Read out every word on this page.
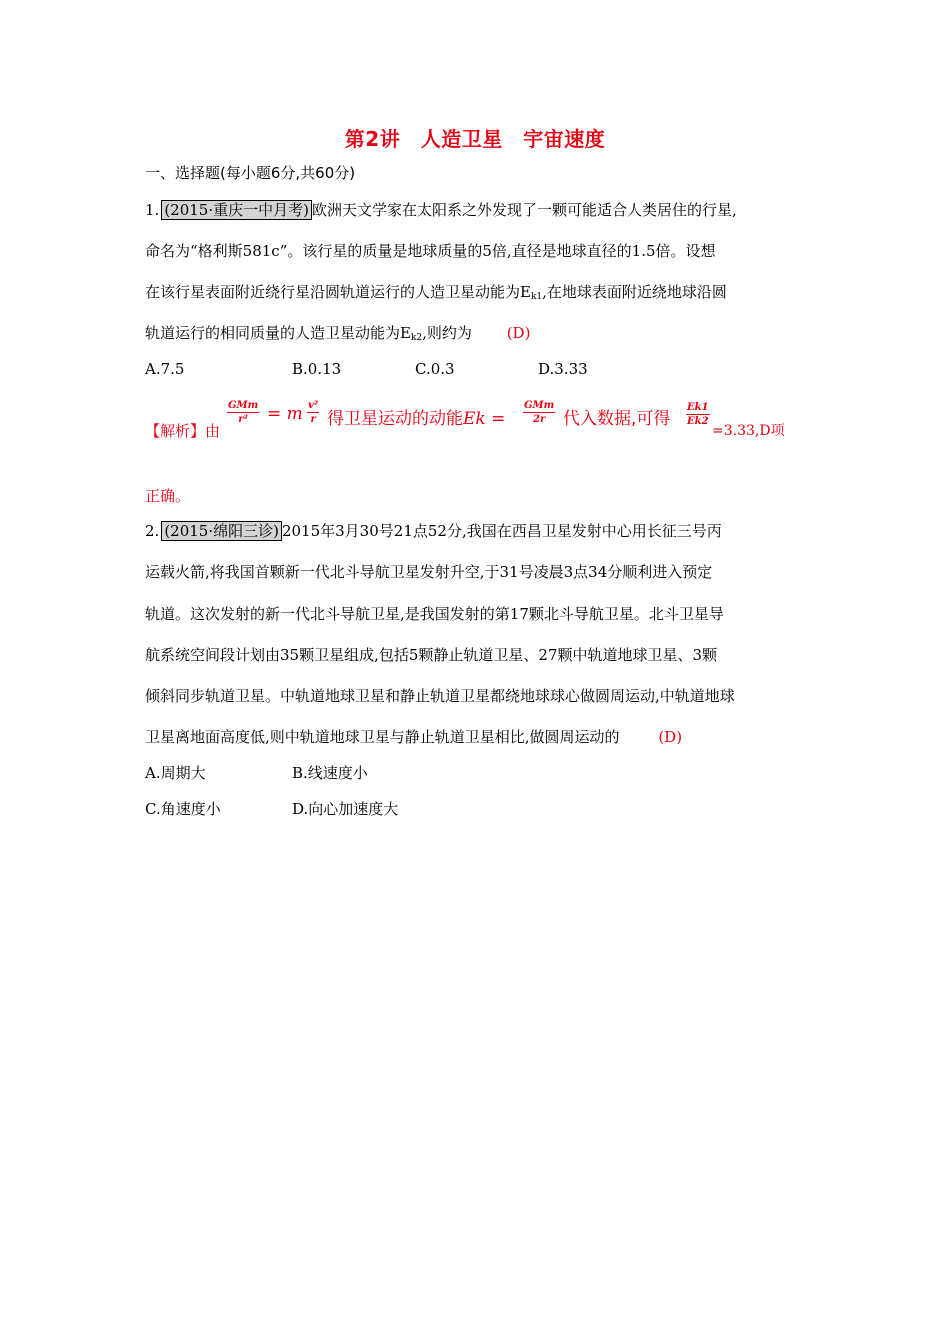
第2讲　人造卫星　宇宙速度
一、选择题(每小题6分,共60分)
1. (2015·重庆一中月考) 欧洲天文学家在太阳系之外发现了一颗可能适合人类居住的行星,
命名为“格利斯581c”。该行星的质量是地球质量的5倍,直径是地球直径的1.5倍。设想
在该行星表面附近绕行星沿圆轨道运行的人造卫星动能为$E_{k1}$,在地球表面附近绕地球沿圆
轨道运行的相同质量的人造卫星动能为$E_{k2}$,则约为 (D)
A.7.5	B.0.13	C.0.3	D.3.33
【解析】由
GMm
r² = m v²
r 得卫星运动的动能Ek =
GMm
2r 代入数据,可得
Ek1
Ek2
=3.33,D项
正确。
2. (2015·绵阳三诊) 2015年3月30号21点52分,我国在西昌卫星发射中心用长征三号丙
运载火箭,将我国首颗新一代北斗导航卫星发射升空,于31号凌晨3点34分顺利进入预定
轨道。这次发射的新一代北斗导航卫星,是我国发射的第17颗北斗导航卫星。北斗卫星导
航系统空间段计划由35颗卫星组成,包括5颗静止轨道卫星、27颗中轨道地球卫星、3颗
倾斜同步轨道卫星。中轨道地球卫星和静止轨道卫星都绕地球球心做圆周运动,中轨道地球
卫星离地面高度低,则中轨道地球卫星与静止轨道卫星相比,做圆周运动的	(D)
A.周期大	B.线速度小
C.角速度小	D.向心加速度大
